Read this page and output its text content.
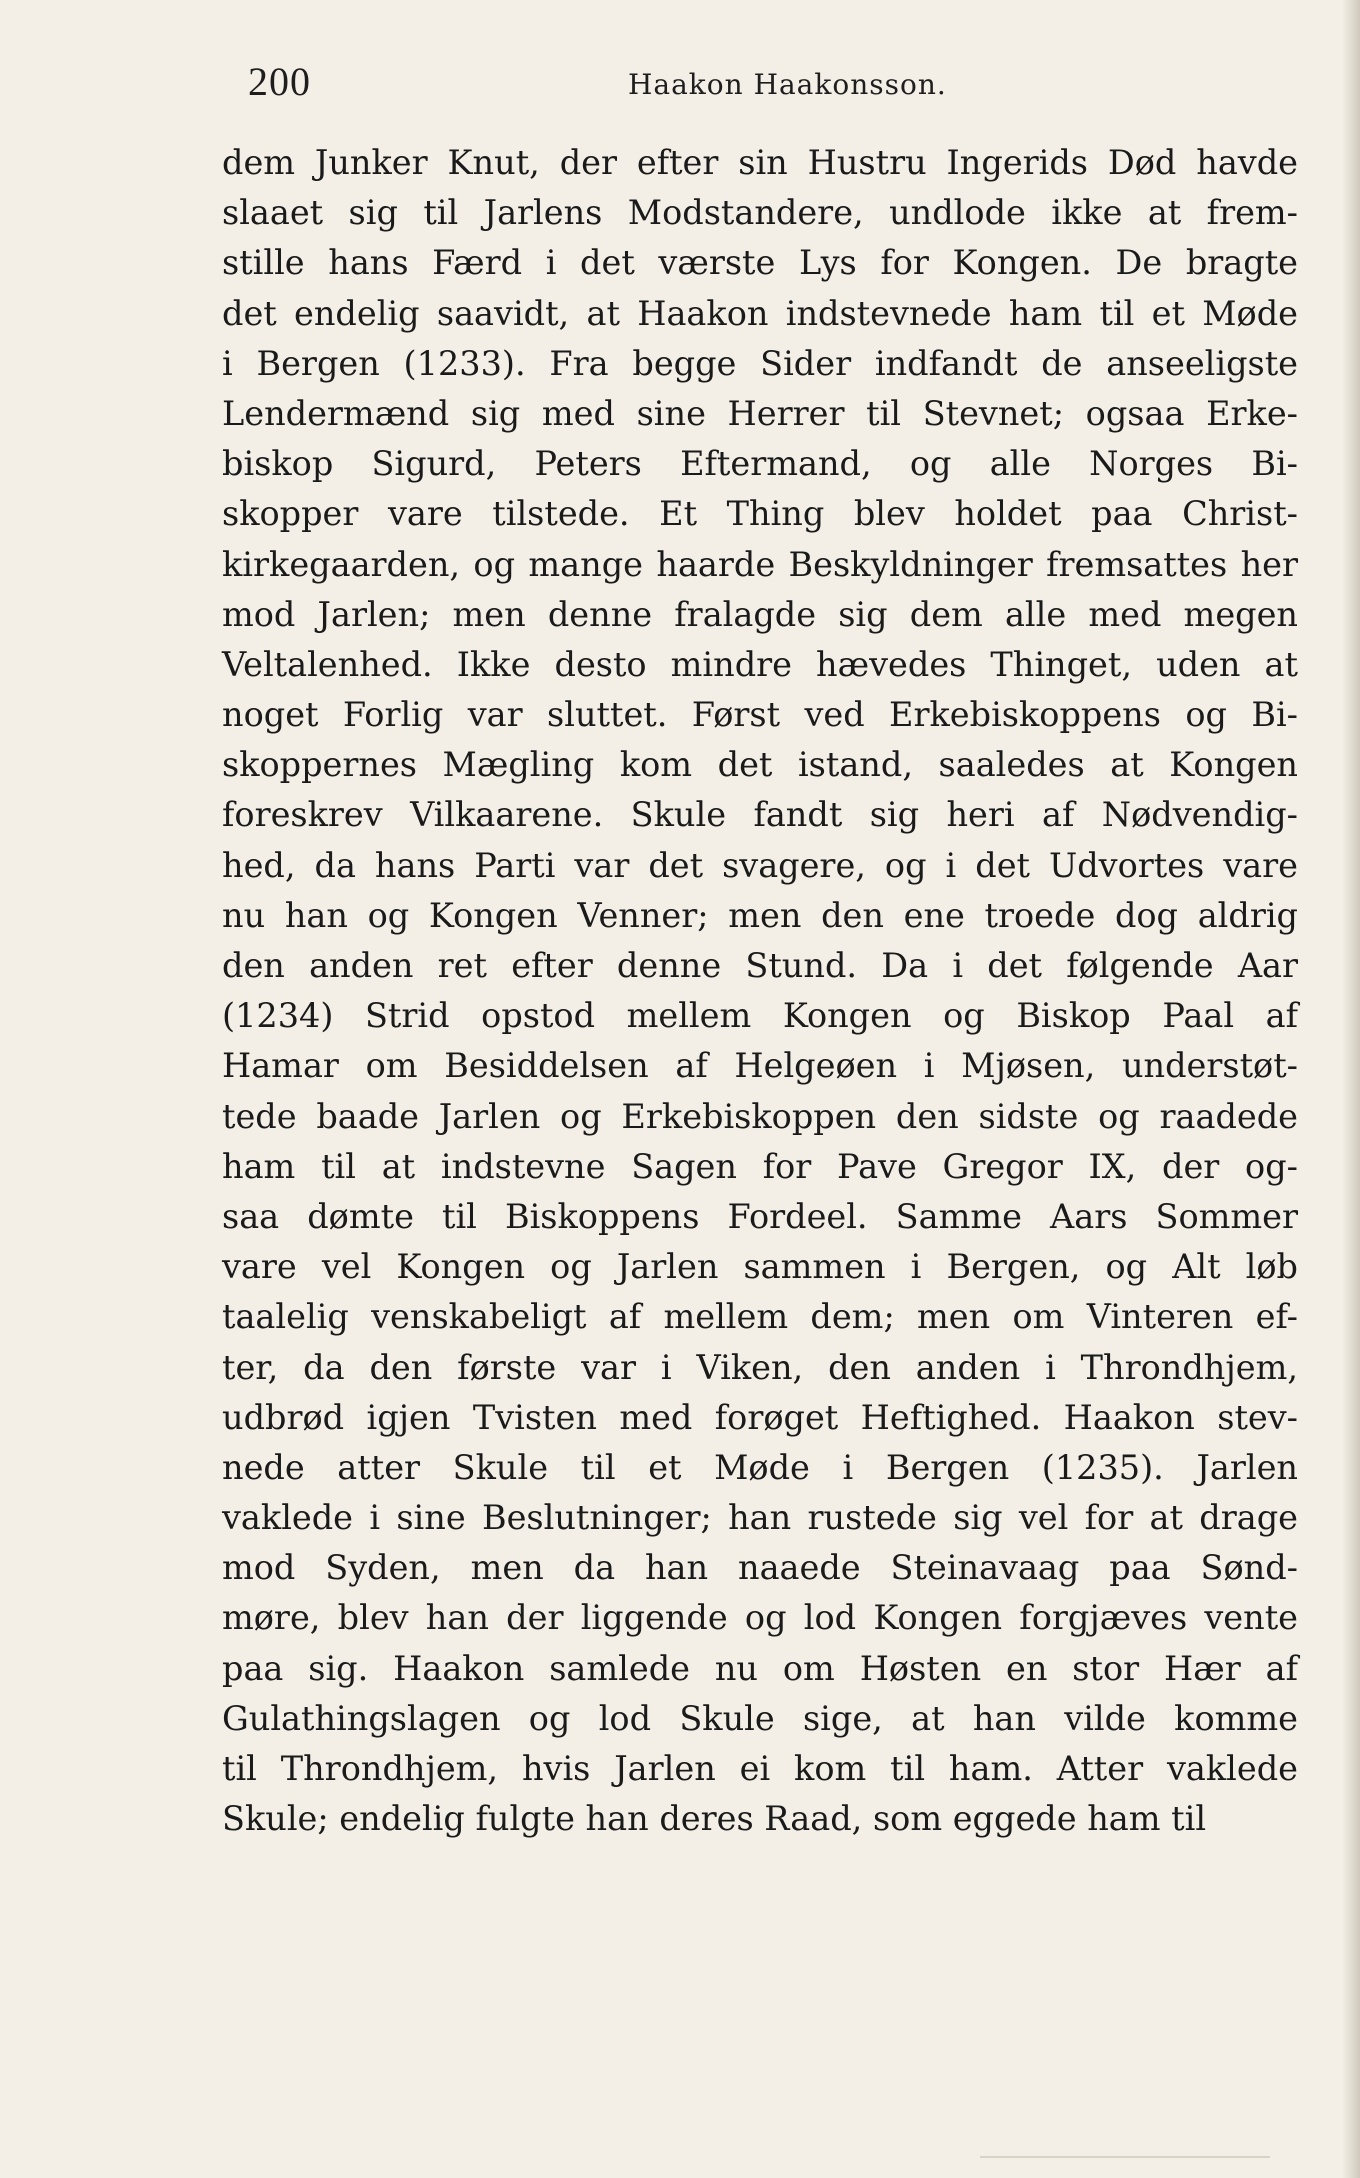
200	Haakon Haakonsson.
dem Junker Knut, der efter sin Hustru Ingerids Død havde
slaaet sig til Jarlens Modstandere, undlode ikke at frem-
stille hans Færd i det værste Lys for Kongen. De bragte
det endelig saavidt, at Haakon indstevnede ham til et Møde
i Bergen (1233). Fra begge Sider indfandt de anseeligste
Lendermænd sig med sine Herrer til Stevnet; ogsaa Erke-
biskop Sigurd, Peters Eftermand, og alle Norges Bi-
skopper vare tilstede. Et Thing blev holdet paa Christ-
kirkegaarden, og mange haarde Beskyldninger fremsattes her
mod Jarlen; men denne fralagde sig dem alle med megen
Veltalenhed. Ikke desto mindre hævedes Thinget, uden at
noget Forlig var sluttet. Først ved Erkebiskoppens og Bi-
skoppernes Mægling kom det istand, saaledes at Kongen
foreskrev Vilkaarene. Skule fandt sig heri af Nødvendig-
hed, da hans Parti var det svagere, og i det Udvortes vare
nu han og Kongen Venner; men den ene troede dog aldrig
den anden ret efter denne Stund. Da i det følgende Aar
(1234) Strid opstod mellem Kongen og Biskop Paal af
Hamar om Besiddelsen af Helgeøen i Mjøsen, understøt-
tede baade Jarlen og Erkebiskoppen den sidste og raadede
ham til at indstevne Sagen for Pave Gregor IX, der og-
saa dømte til Biskoppens Fordeel. Samme Aars Sommer
vare vel Kongen og Jarlen sammen i Bergen, og Alt løb
taalelig venskabeligt af mellem dem; men om Vinteren ef-
ter, da den første var i Viken, den anden i Throndhjem,
udbrød igjen Tvisten med forøget Heftighed. Haakon stev-
nede atter Skule til et Møde i Bergen (1235). Jarlen
vaklede i sine Beslutninger; han rustede sig vel for at drage
mod Syden, men da han naaede Steinavaag paa Sønd-
møre, blev han der liggende og lod Kongen forgjæves vente
paa sig. Haakon samlede nu om Høsten en stor Hær af
Gulathingslagen og lod Skule sige, at han vilde komme
til Throndhjem, hvis Jarlen ei kom til ham. Atter vaklede
Skule; endelig fulgte han deres Raad, som eggede ham til
